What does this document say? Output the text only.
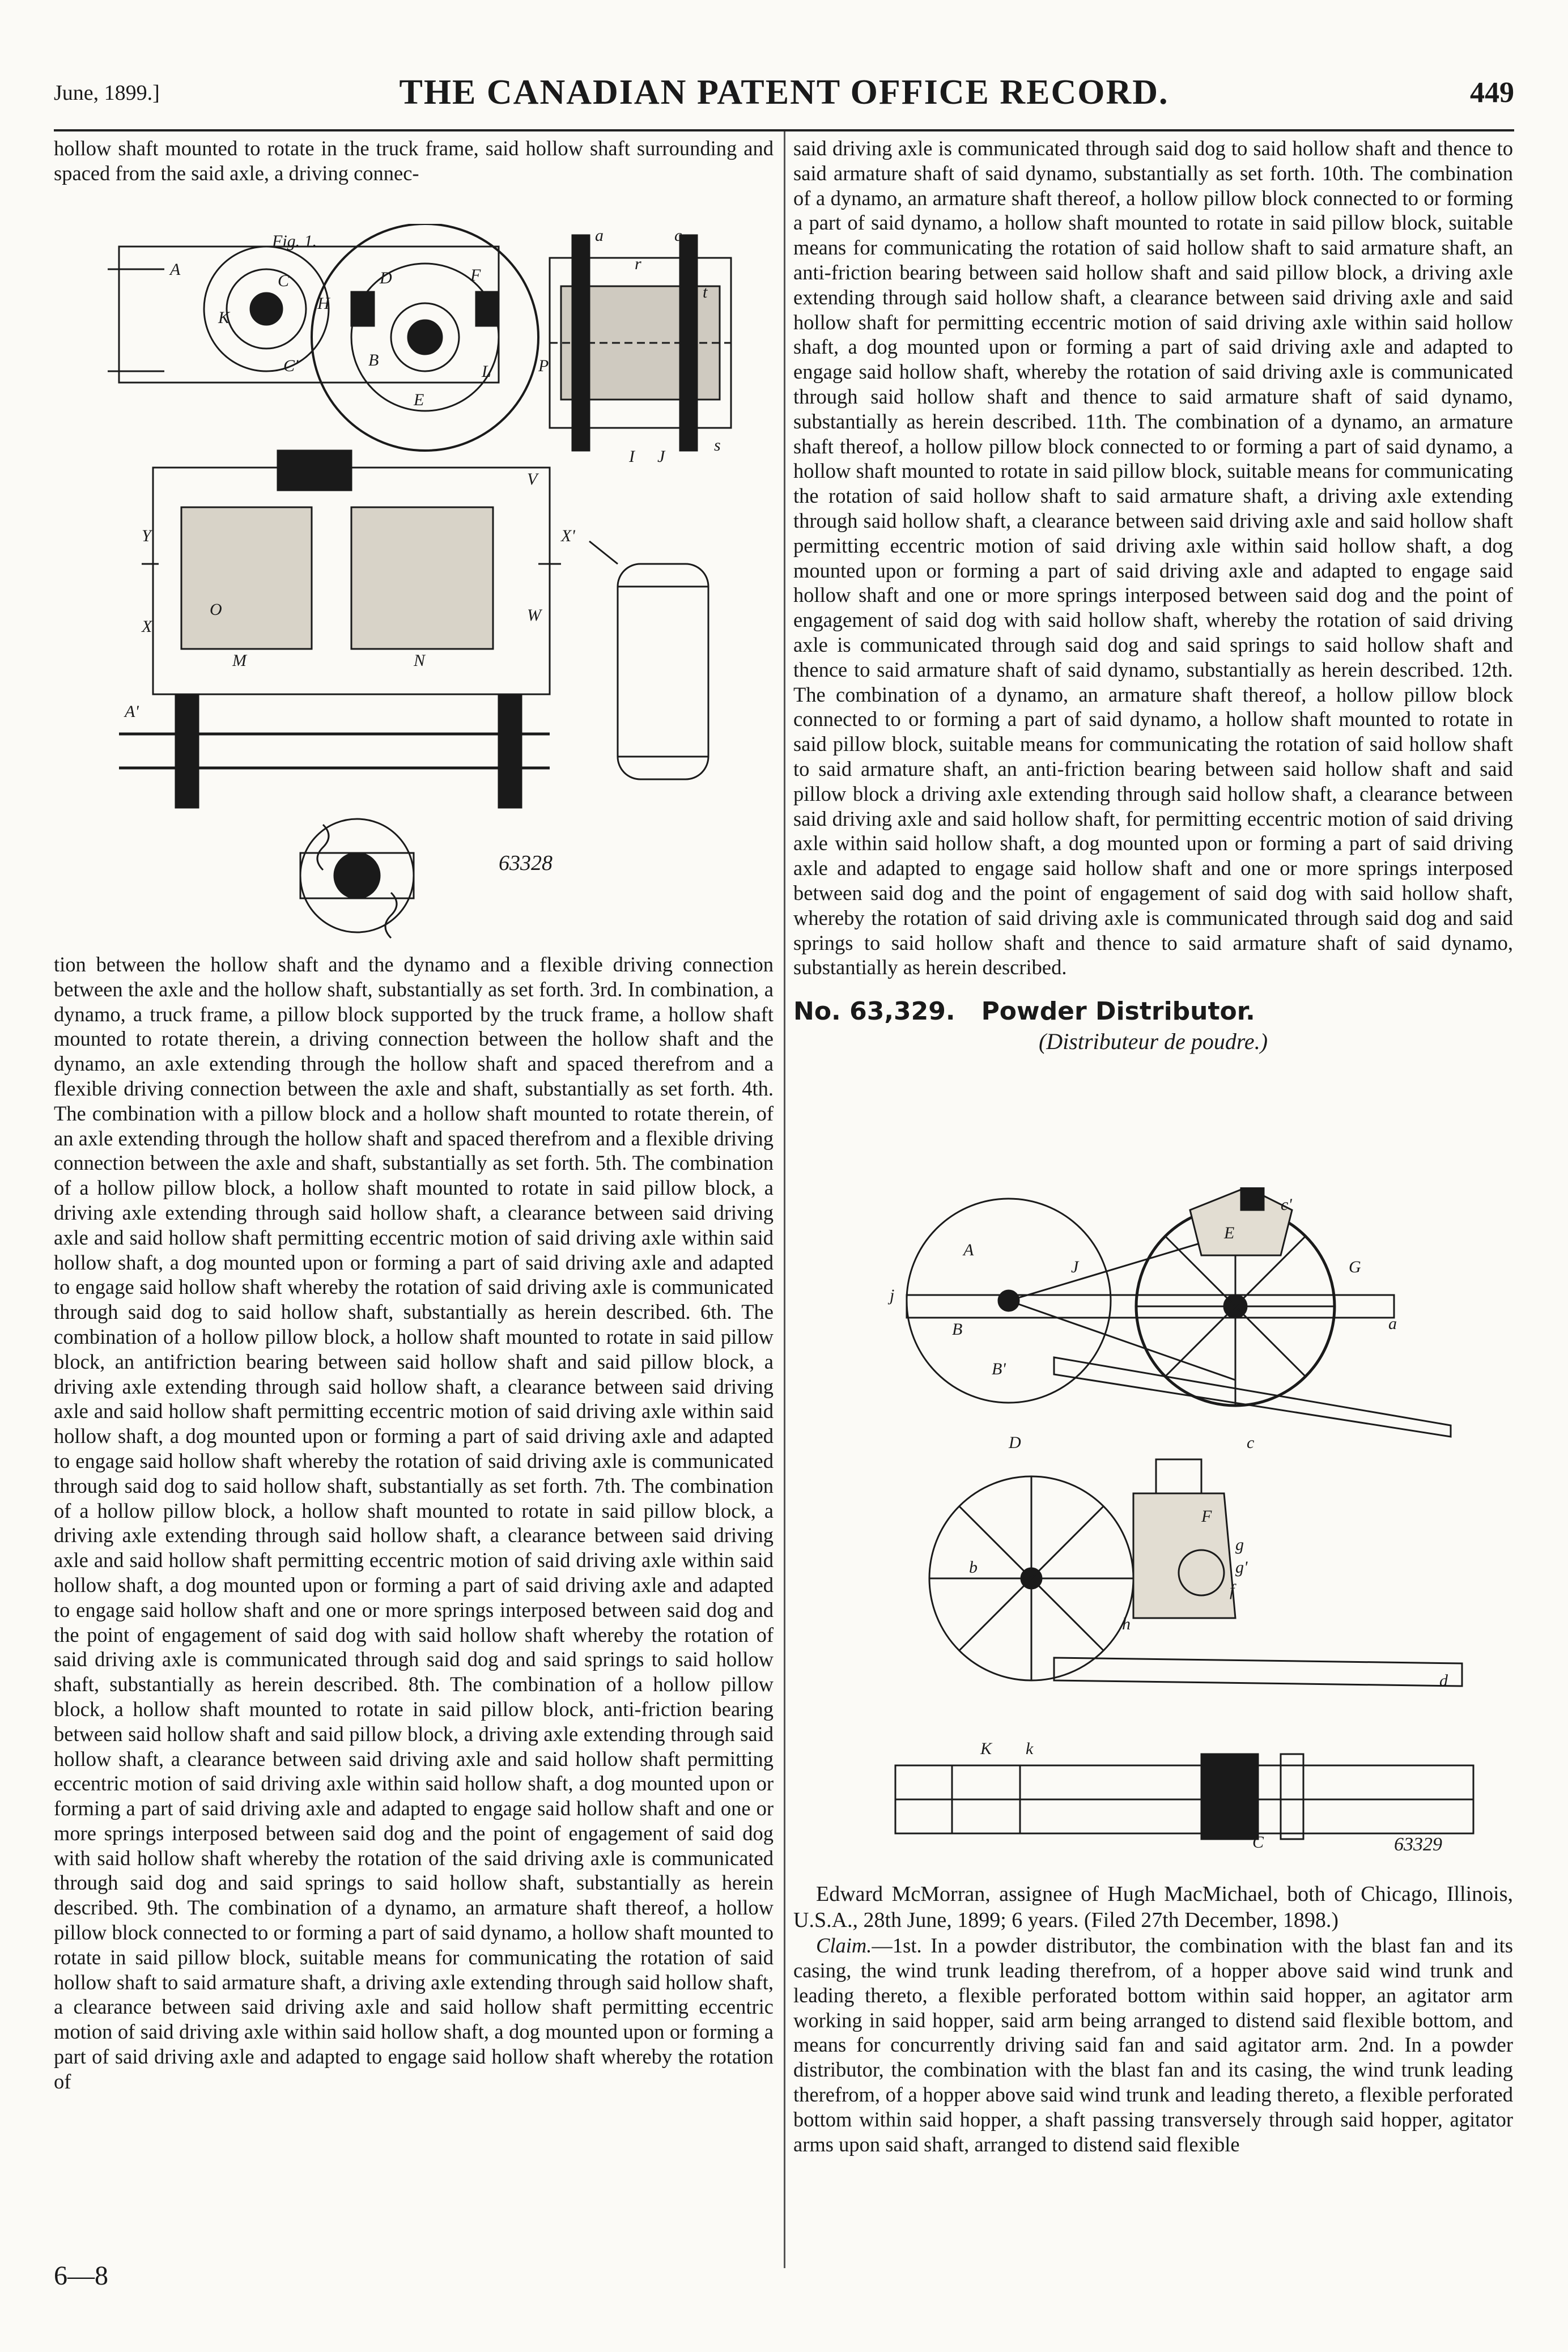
June, 1899.]	THE CANADIAN PATENT OFFICE RECORD.	449

hollow shaft mounted to rotate in the truck frame, said hollow shaft surrounding and spaced from the said axle, a driving connec-

Fig. 1.
A
C	D	F
H
K
L
A'
C'	B
E
P
I J
X
X'
Y
M	N
O
V
W
a	c
r
s
t
63328

tion between the hollow shaft and the dynamo and a flexible driving connection between the axle and the hollow shaft, substantially as set forth. 3rd. In combination, a dynamo, a truck frame, a pillow block supported by the truck frame, a hollow shaft mounted to rotate therein, a driving connection between the hollow shaft and the dynamo, an axle extending through the hollow shaft and spaced therefrom and a flexible driving connection between the axle and shaft, substantially as set forth. 4th. The combination with a pillow block and a hollow shaft mounted to rotate therein, of an axle extending through the hollow shaft and spaced therefrom and a flexible driving connection between the axle and shaft, substantially as set forth. 5th. The combination of a hollow pillow block, a hollow shaft mounted to rotate in said pillow block, a driving axle extending through said hollow shaft, a clearance between said driving axle and said hollow shaft permitting eccentric motion of said driving axle within said hollow shaft, a dog mounted upon or forming a part of said driving axle and adapted to engage said hollow shaft whereby the rotation of said driving axle is communicated through said dog to said hollow shaft, substantially as herein described. 6th. The combination of a hollow pillow block, a hollow shaft mounted to rotate in said pillow block, an antifriction bearing between said hollow shaft and said pillow block, a driving axle extending through said hollow shaft, a clearance between said driving axle and said hollow shaft permitting eccentric motion of said driving axle within said hollow shaft, a dog mounted upon or forming a part of said driving axle and adapted to engage said hollow shaft whereby the rotation of said driving axle is communicated through said dog to said hollow shaft, substantially as set forth. 7th. The combination of a hollow pillow block, a hollow shaft mounted to rotate in said pillow block, a driving axle extending through said hollow shaft, a clearance between said driving axle and said hollow shaft permitting eccentric motion of said driving axle within said hollow shaft, a dog mounted upon or forming a part of said driving axle and adapted to engage said hollow shaft and one or more springs interposed between said dog and the point of engagement of said dog with said hollow shaft whereby the rotation of said driving axle is communicated through said dog and said springs to said hollow shaft, substantially as herein described. 8th. The combination of a hollow pillow block, a hollow shaft mounted to rotate in said pillow block, anti-friction bearing between said hollow shaft and said pillow block, a driving axle extending through said hollow shaft, a clearance between said driving axle and said hollow shaft permitting eccentric motion of said driving axle within said hollow shaft, a dog mounted upon or forming a part of said driving axle and adapted to engage said hollow shaft and one or more springs interposed between said dog and the point of engagement of said dog with said hollow shaft whereby the rotation of the said driving axle is communicated through said dog and said springs to said hollow shaft, substantially as herein described. 9th. The combination of a dynamo, an armature shaft thereof, a hollow pillow block connected to or forming a part of said dynamo, a hollow shaft mounted to rotate in said pillow block, suitable means for communicating the rotation of said hollow shaft to said armature shaft, a driving axle extending through said hollow shaft, a clearance between said driving axle and said hollow shaft permitting eccentric motion of said driving axle within said hollow shaft, a dog mounted upon or forming a part of said driving axle and adapted to engage said hollow shaft whereby the rotation of

6—8

said driving axle is communicated through said dog to said hollow shaft and thence to said armature shaft of said dynamo, substantially as set forth. 10th. The combination of a dynamo, an armature shaft thereof, a hollow pillow block connected to or forming a part of said dynamo, a hollow shaft mounted to rotate in said pillow block, suitable means for communicating the rotation of said hollow shaft to said armature shaft, an anti-friction bearing between said hollow shaft and said pillow block, a driving axle extending through said hollow shaft, a clearance between said driving axle and said hollow shaft for permitting eccentric motion of said driving axle within said hollow shaft, a dog mounted upon or forming a part of said driving axle and adapted to engage said hollow shaft, whereby the rotation of said driving axle is communicated through said hollow shaft and thence to said armature shaft of said dynamo, substantially as herein described. 11th. The combination of a dynamo, an armature shaft thereof, a hollow pillow block connected to or forming a part of said dynamo, a hollow shaft mounted to rotate in said pillow block, suitable means for communicating the rotation of said hollow shaft to said armature shaft, a driving axle extending through said hollow shaft, a clearance between said driving axle and said hollow shaft permitting eccentric motion of said driving axle within said hollow shaft, a dog mounted upon or forming a part of said driving axle and adapted to engage said hollow shaft and one or more springs interposed between said dog and the point of engagement of said dog with said hollow shaft, whereby the rotation of said driving axle is communicated through said dog and said springs to said hollow shaft and thence to said armature shaft of said dynamo, substantially as herein described. 12th. The combination of a dynamo, an armature shaft thereof, a hollow pillow block connected to or forming a part of said dynamo, a hollow shaft mounted to rotate in said pillow block, suitable means for communicating the rotation of said hollow shaft to said armature shaft, an anti-friction bearing between said hollow shaft and said pillow block a driving axle extending through said hollow shaft, a clearance between said driving axle and said hollow shaft, for permitting eccentric motion of said driving axle within said hollow shaft, a dog mounted upon or forming a part of said driving axle and adapted to engage said hollow shaft and one or more springs interposed between said dog and the point of engagement of said dog with said hollow shaft, whereby the rotation of said driving axle is communicated through said dog and said springs to said hollow shaft and thence to said armature shaft of said dynamo, substantially as herein described.

No. 63,329. Powder Distributor.

(Distributeur de poudre.)

A
B
B'
b
C
c'
c
E
G
J
j
a
d
D
f
F
g
g'
h
K k
63329

Edward McMorran, assignee of Hugh MacMichael, both of Chicago, Illinois, U.S.A., 28th June, 1899; 6 years. (Filed 27th December, 1898.)

Claim.—1st. In a powder distributor, the combination with the blast fan and its casing, the wind trunk leading therefrom, of a hopper above said wind trunk and leading thereto, a flexible perforated bottom within said hopper, an agitator arm working in said hopper, said arm being arranged to distend said flexible bottom, and means for concurrently driving said fan and said agitator arm. 2nd. In a powder distributor, the combination with the blast fan and its casing, the wind trunk leading therefrom, of a hopper above said wind trunk and leading thereto, a flexible perforated bottom within said hopper, a shaft passing transversely through said hopper, agitator arms upon said shaft, arranged to distend said flexible
